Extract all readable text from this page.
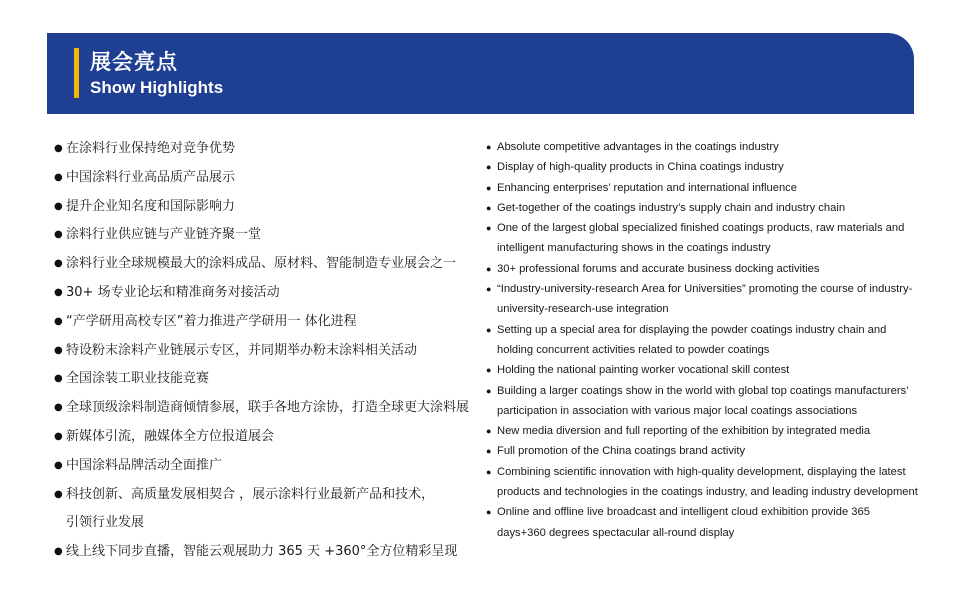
展会亮点
Show Highlights
● 在涂料行业保持绝对竞争优势
● 中国涂料行业高品质产品展示
● 提升企业知名度和国际影响力
● 涂料行业供应链与产业链齐聚一堂
● 涂料行业全球规模最大的涂料成品、原材料、智能制造专业展会之一
● 30+ 场专业论坛和精准商务对接活动
● “产学研用高校专区”着力推进产学研用一 体化进程
● 特设粉末涂料产业链展示专区，并同期举办粉末涂料相关活动
● 全国涂装工职业技能竞赛
● 全球顶级涂料制造商倾情参展，联手各地方涂协，打造全球更大涂料展
● 新媒体引流，融媒体全方位报道展会
● 中国涂料品牌活动全面推广
● 科技创新、高质量发展相契合 ，展示涂料行业最新产品和技术，
引领行业发展
● 线上线下同步直播，智能云观展助力 365 天 +360°全方位精彩呈现
● Absolute competitive advantages in the coatings industry
● Display of high-quality products in China coatings industry
● Enhancing enterprises’ reputation and international influence
● Get-together of the coatings industry’s supply chain and industry chain
● One of the largest global specialized finished coatings products, raw materials and intelligent manufacturing shows in the coatings industry
● 30+ professional forums and accurate business docking activities
● “Industry-university-research Area for Universities” promoting the course of industry-university-research-use integration
● Setting up a special area for displaying the powder coatings industry chain and holding concurrent activities related to powder coatings
● Holding the national painting worker vocational skill contest
● Building a larger coatings show in the world with global top coatings manufacturers’ participation in association with various major local coatings associations
● New media diversion and full reporting of the exhibition by integrated media
● Full promotion of the China coatings brand activity
● Combining scientific innovation with high-quality development, displaying the latest products and technologies in the coatings industry, and leading industry development
● Online and offline live broadcast and intelligent cloud exhibition provide 365 days+360 degrees spectacular all-round display
